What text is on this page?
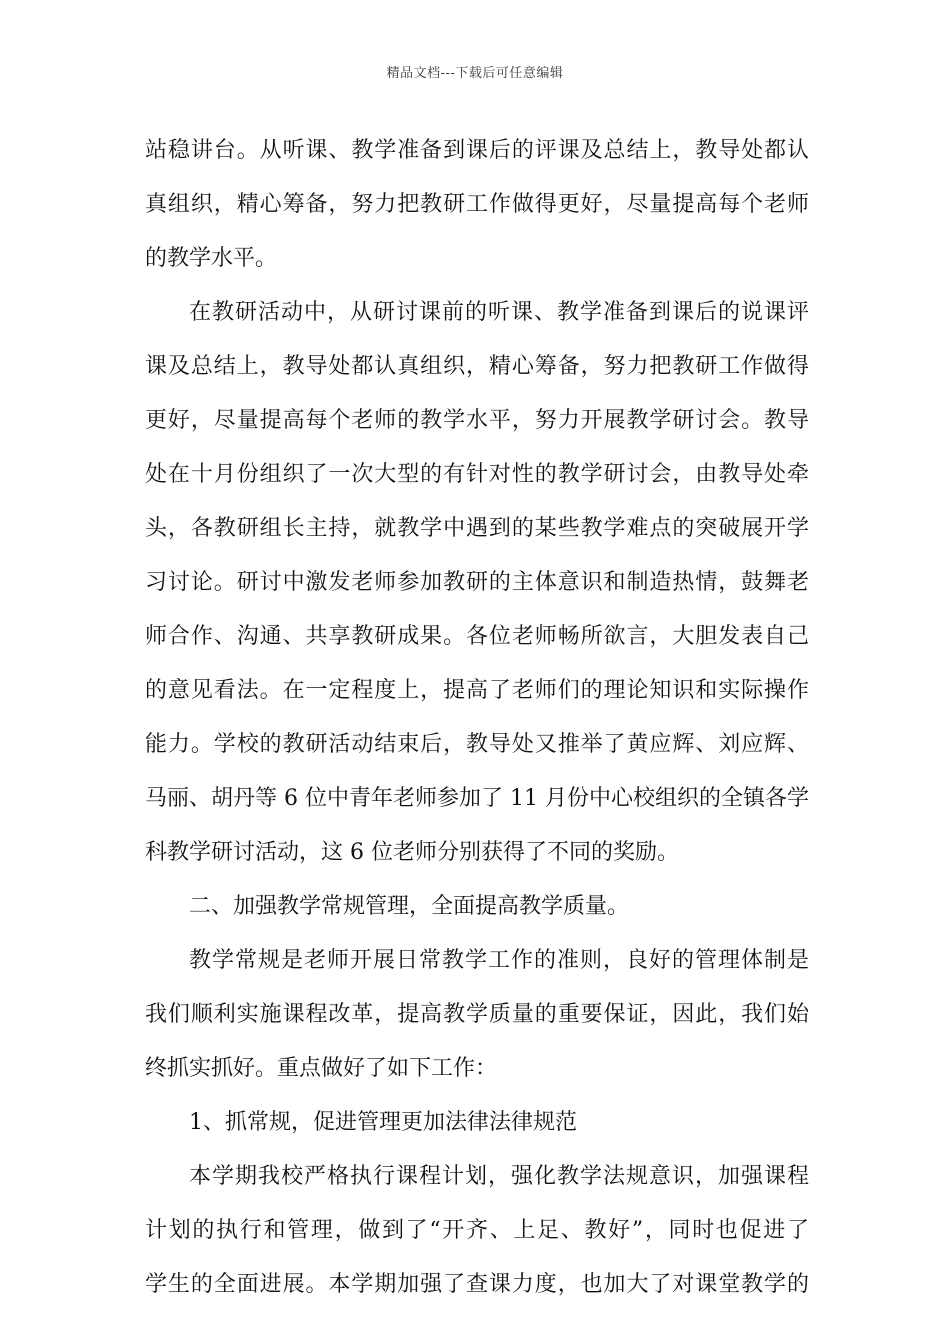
精品文档---下载后可任意编辑
站稳讲台。从听课、教学准备到课后的评课及总结上，教导处都认
真组织，精心筹备，努力把教研工作做得更好，尽量提高每个老师
的教学水平。
在教研活动中，从研讨课前的听课、教学准备到课后的说课评
课及总结上，教导处都认真组织，精心筹备，努力把教研工作做得
更好，尽量提高每个老师的教学水平，努力开展教学研讨会。教导
处在十月份组织了一次大型的有针对性的教学研讨会，由教导处牵
头，各教研组长主持，就教学中遇到的某些教学难点的突破展开学
习讨论。研讨中激发老师参加教研的主体意识和制造热情，鼓舞老
师合作、沟通、共享教研成果。各位老师畅所欲言，大胆发表自己
的意见看法。在一定程度上，提高了老师们的理论知识和实际操作
能力。学校的教研活动结束后，教导处又推举了黄应辉、刘应辉、
马丽、胡丹等 6 位中青年老师参加了 11 月份中心校组织的全镇各学
科教学研讨活动，这 6 位老师分别获得了不同的奖励。
二、加强教学常规管理，全面提高教学质量。
教学常规是老师开展日常教学工作的准则，良好的管理体制是
我们顺利实施课程改革，提高教学质量的重要保证，因此，我们始
终抓实抓好。重点做好了如下工作：
1、抓常规，促进管理更加法律法律规范
本学期我校严格执行课程计划，强化教学法规意识，加强课程
计划的执行和管理，做到了“开齐、上足、教好”，同时也促进了
学生的全面进展。本学期加强了查课力度，也加大了对课堂教学的
